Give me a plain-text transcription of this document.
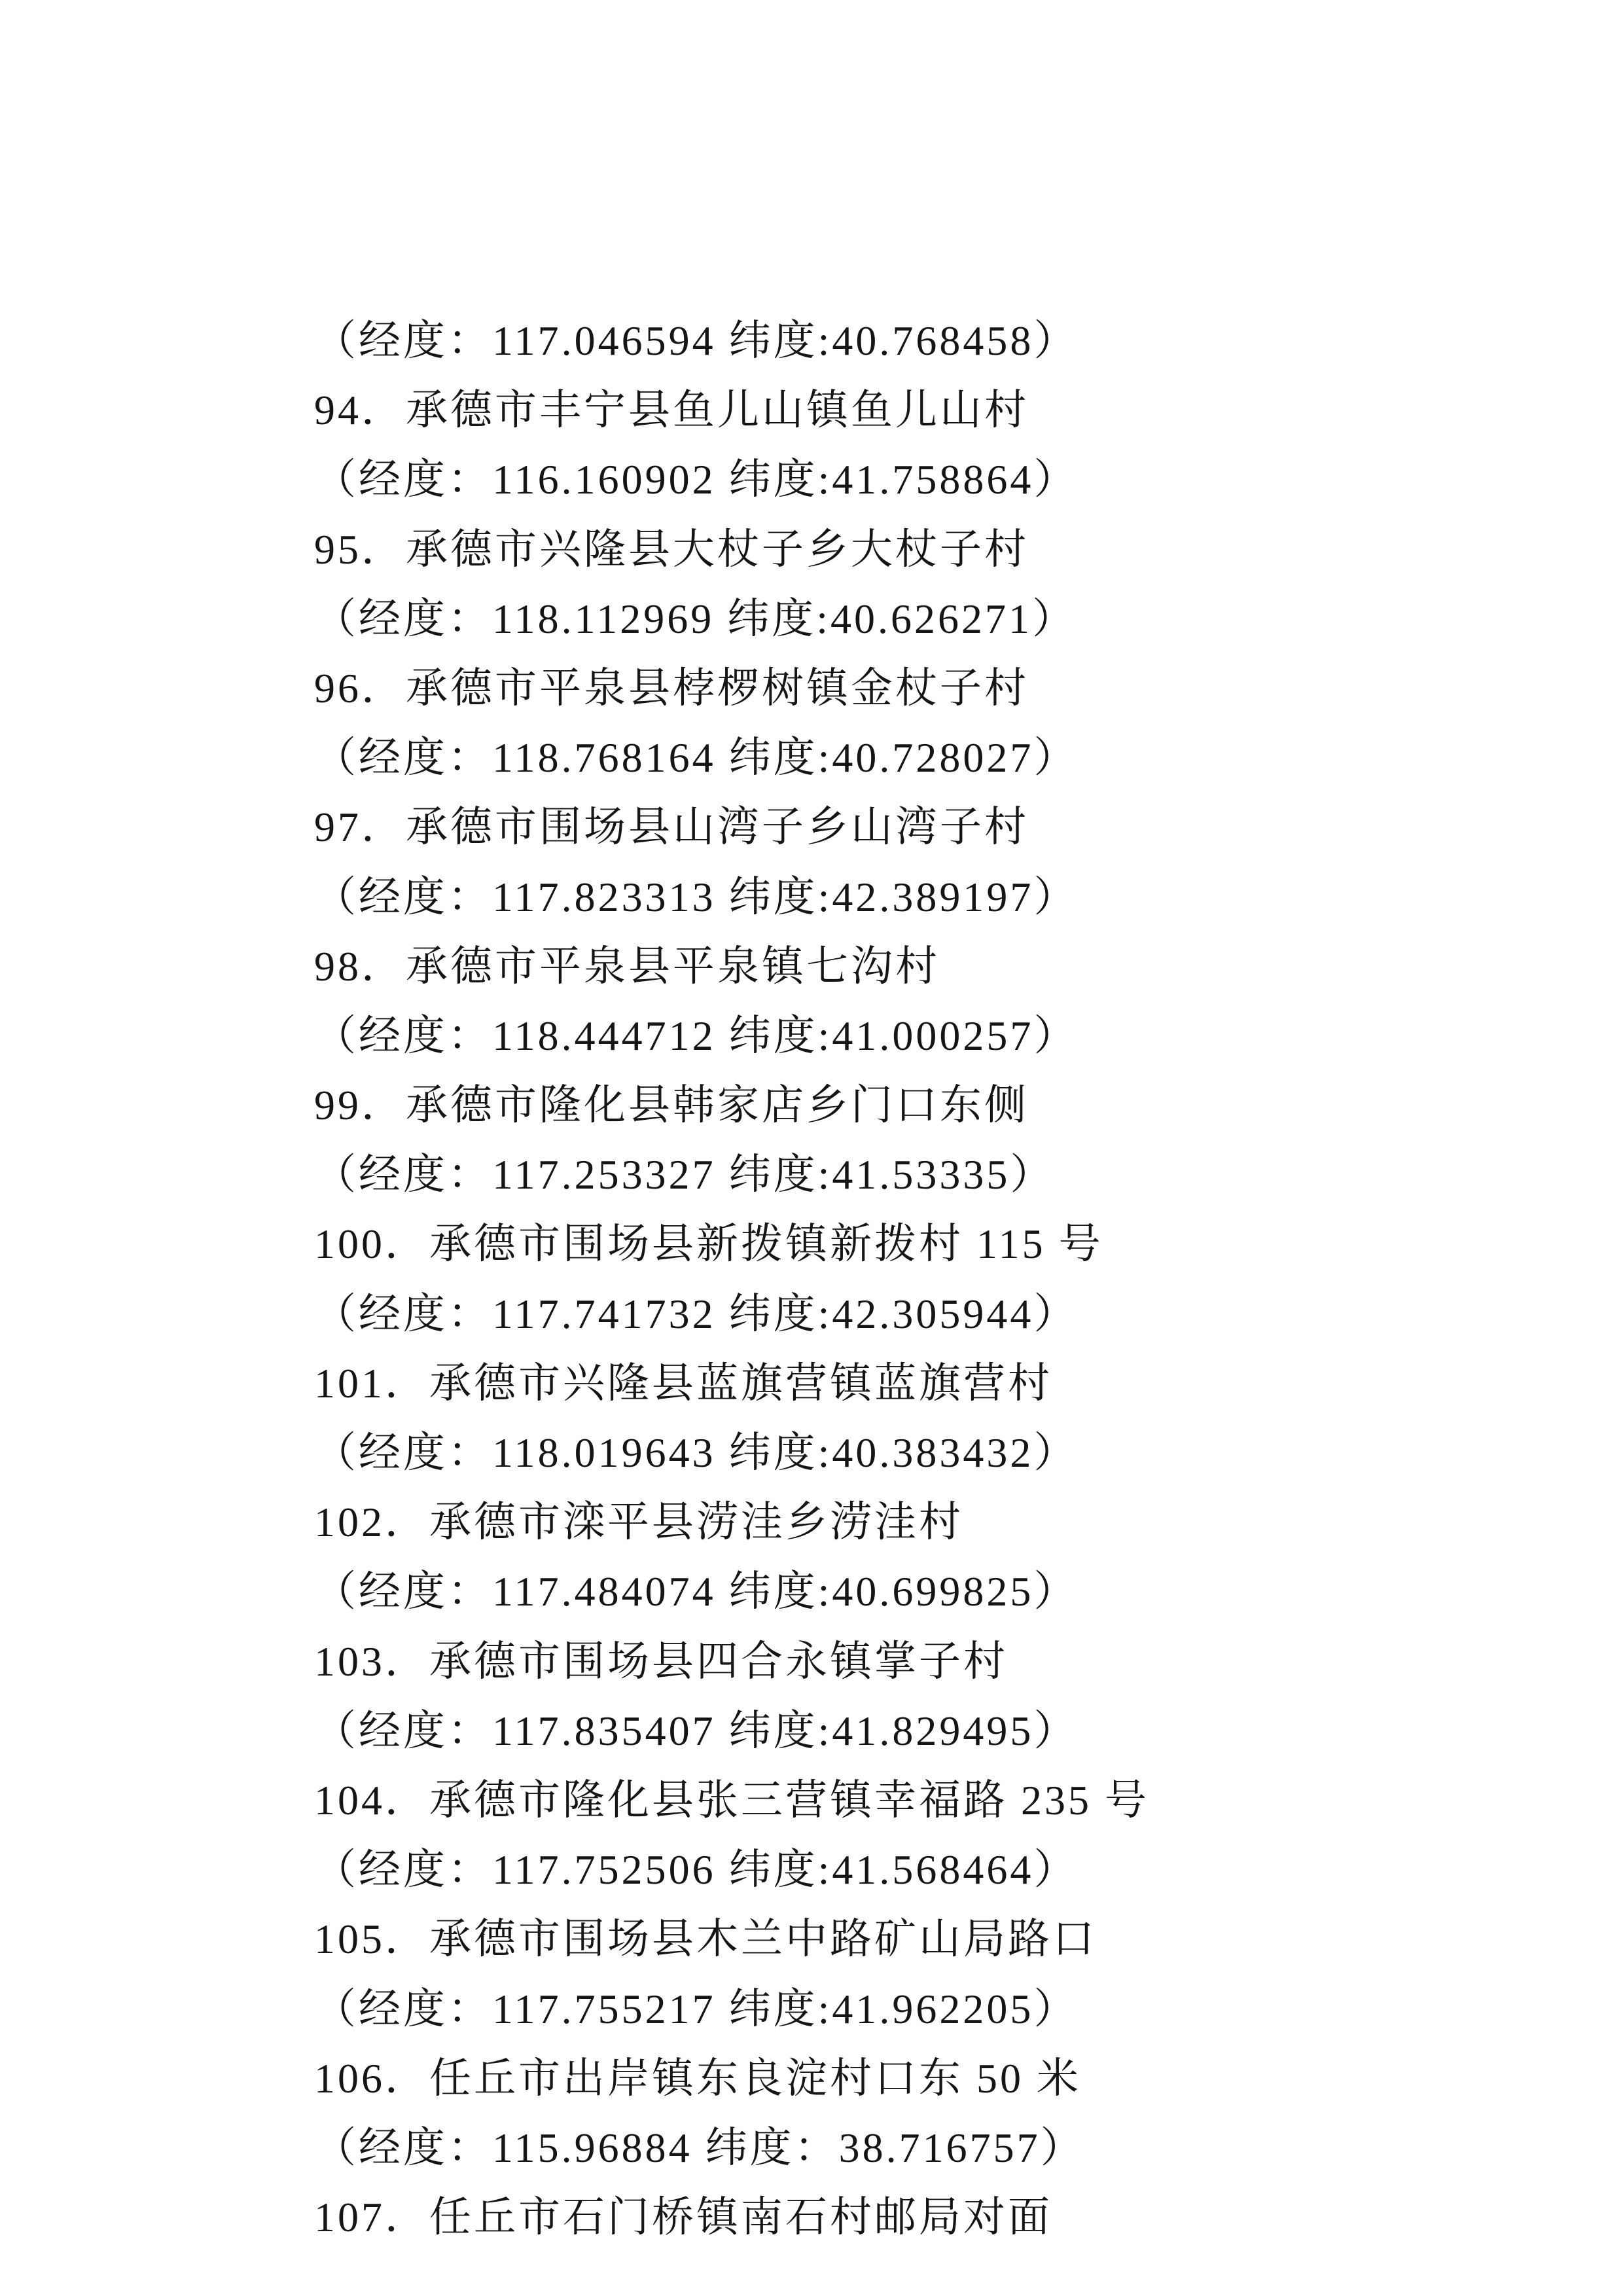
（经度：117.046594 纬度:40.768458）
94．承德市丰宁县鱼儿山镇鱼儿山村
（经度：116.160902 纬度:41.758864）
95．承德市兴隆县大杖子乡大杖子村
（经度：118.112969 纬度:40.626271）
96．承德市平泉县桲椤树镇金杖子村
（经度：118.768164 纬度:40.728027）
97．承德市围场县山湾子乡山湾子村
（经度：117.823313 纬度:42.389197）
98．承德市平泉县平泉镇七沟村
（经度：118.444712 纬度:41.000257）
99．承德市隆化县韩家店乡门口东侧
（经度：117.253327 纬度:41.53335）
100．承德市围场县新拨镇新拨村 115 号
（经度：117.741732 纬度:42.305944）
101．承德市兴隆县蓝旗营镇蓝旗营村
（经度：118.019643 纬度:40.383432）
102．承德市滦平县涝洼乡涝洼村
（经度：117.484074 纬度:40.699825）
103．承德市围场县四合永镇掌子村
（经度：117.835407 纬度:41.829495）
104．承德市隆化县张三营镇幸福路 235 号
（经度：117.752506 纬度:41.568464）
105．承德市围场县木兰中路矿山局路口
（经度：117.755217 纬度:41.962205）
106．任丘市出岸镇东良淀村口东 50 米
（经度：115.96884 纬度：38.716757）
107．任丘市石门桥镇南石村邮局对面
